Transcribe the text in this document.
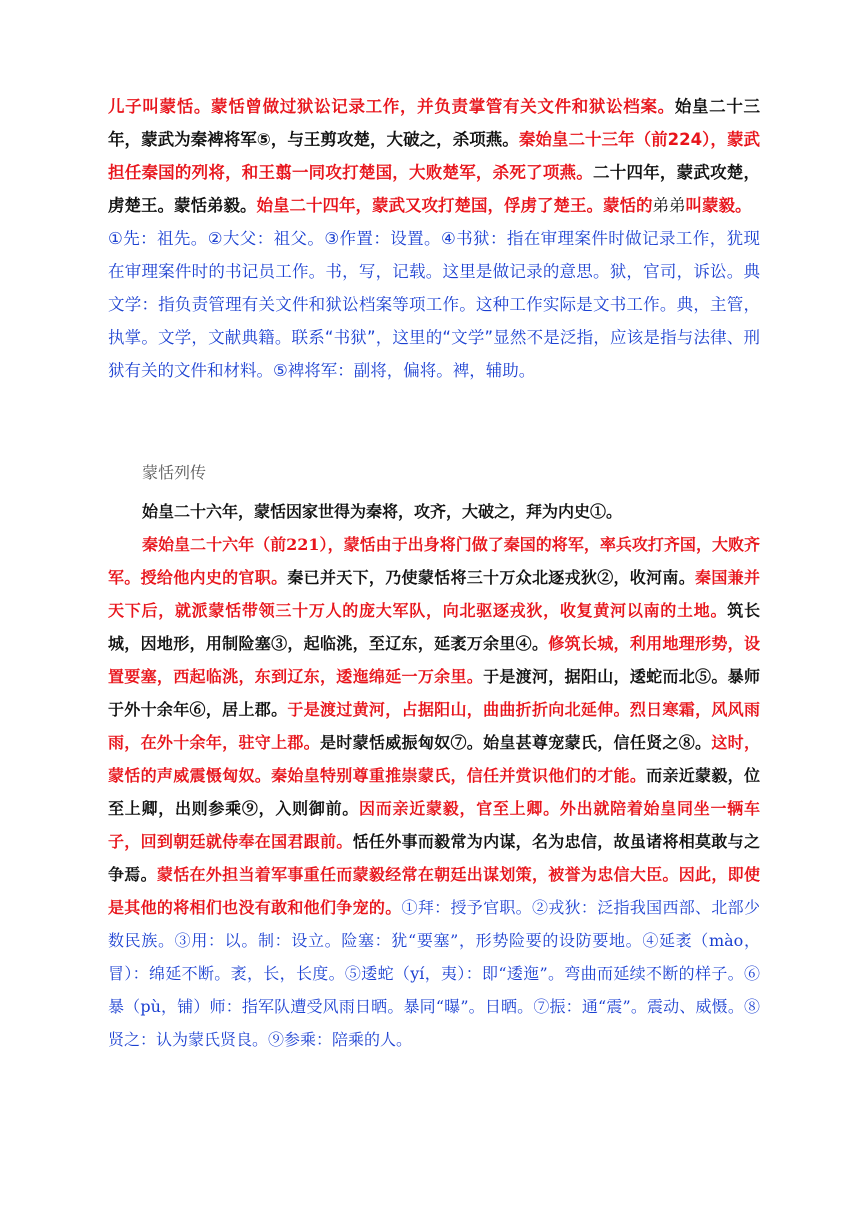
儿子叫蒙恬。蒙恬曾做过狱讼记录工作，并负责掌管有关文件和狱讼档案。始皇二十三年，蒙武为秦裨将军⑤，与王剪攻楚，大破之，杀项燕。秦始皇二十三年（前224），蒙武担任秦国的列将，和王翦一同攻打楚国，大败楚军，杀死了项燕。二十四年，蒙武攻楚，虏楚王。蒙恬弟毅。始皇二十四年，蒙武又攻打楚国，俘虏了楚王。蒙恬的弟弟叫蒙毅。

①先：祖先。②大父：祖父。③作置：设置。④书狱：指在审理案件时做记录工作，犹现在审理案件时的书记员工作。书，写，记载。这里是做记录的意思。狱，官司，诉讼。典文学：指负责管理有关文件和狱讼档案等项工作。这种工作实际是文书工作。典，主管，执掌。文学，文献典籍。联系“书狱”，这里的“文学”显然不是泛指，应该是指与法律、刑狱有关的文件和材料。⑤裨将军：副将，偏将。裨，辅助。

蒙恬列传

始皇二十六年，蒙恬因家世得为秦将，攻齐，大破之，拜为内史①。

秦始皇二十六年（前221），蒙恬由于出身将门做了秦国的将军，率兵攻打齐国，大败齐军。授给他内史的官职。秦已并天下，乃使蒙恬将三十万众北逐戎狄②，收河南。秦国兼并天下后，就派蒙恬带领三十万人的庞大军队，向北驱逐戎狄，收复黄河以南的土地。筑长城，因地形，用制险塞③，起临洮，至辽东，延袤万余里④。修筑长城，利用地理形势，设置要塞，西起临洮，东到辽东，逶迤绵延一万余里。于是渡河，据阳山，逶蛇而北⑤。暴师于外十余年⑥，居上郡。于是渡过黄河，占据阳山，曲曲折折向北延伸。烈日寒霜，风风雨雨，在外十余年，驻守上郡。是时蒙恬威振匈奴⑦。始皇甚尊宠蒙氏，信任贤之⑧。这时，蒙恬的声威震慑匈奴。秦始皇特别尊重推崇蒙氏，信任并赏识他们的才能。而亲近蒙毅，位至上卿，出则参乘⑨，入则御前。因而亲近蒙毅，官至上卿。外出就陪着始皇同坐一辆车子，回到朝廷就侍奉在国君跟前。恬任外事而毅常为内谋，名为忠信，故虽诸将相莫敢与之争焉。蒙恬在外担当着军事重任而蒙毅经常在朝廷出谋划策，被誉为忠信大臣。因此，即使是其他的将相们也没有敢和他们争宠的。①拜：授予官职。②戎狄：泛指我国西部、北部少数民族。③用：以。制：设立。险塞：犹“要塞”，形势险要的设防要地。④延袤（mào，冒）：绵延不断。袤，长，长度。⑤逶蛇（yí，夷）：即“逶迤”。弯曲而延续不断的样子。⑥暴（pù，铺）师：指军队遭受风雨日晒。暴同“曝”。日晒。⑦振：通“震”。震动、威慑。⑧贤之：认为蒙氏贤良。⑨参乘：陪乘的人。
